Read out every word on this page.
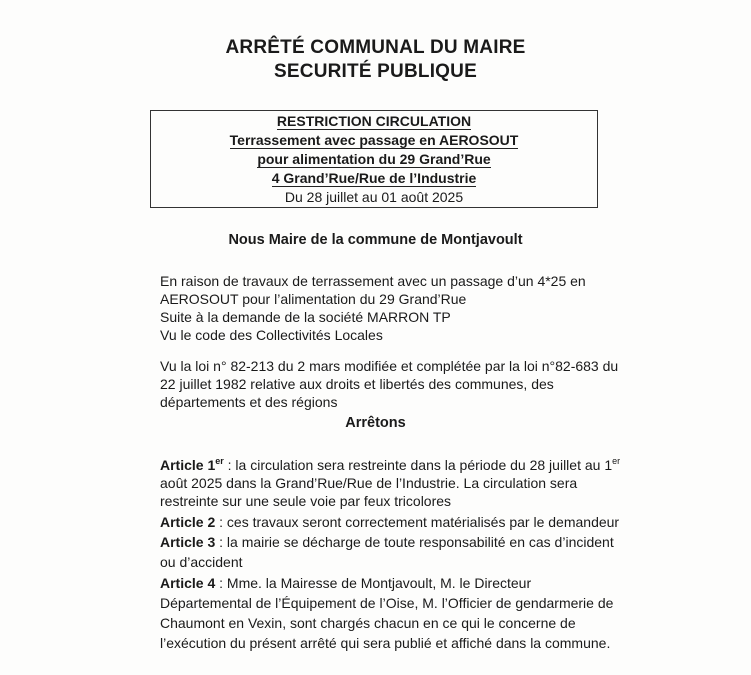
ARRÊTÉ COMMUNAL DU MAIRE
SECURITÉ PUBLIQUE
RESTRICTION CIRCULATION
Terrassement avec passage en AEROSOUT
pour alimentation du 29 Grand’Rue
4 Grand’Rue/Rue de l’Industrie
Du 28 juillet au 01 août 2025
Nous Maire de la commune de Montjavoult
En raison de travaux de terrassement avec un passage d’un 4*25 en
AEROSOUT pour l’alimentation du 29 Grand’Rue
Suite à la demande de la société MARRON TP
Vu le code des Collectivités Locales
Vu la loi n° 82-213 du 2 mars modifiée et complétée par la loi n°82-683 du
22 juillet 1982 relative aux droits et libertés des communes, des
départements et des régions
Arrêtons
Article 1er : la circulation sera restreinte dans la période du 28 juillet au 1er
août 2025 dans la Grand’Rue/Rue de l’Industrie. La circulation sera
restreinte sur une seule voie par feux tricolores
Article 2 : ces travaux seront correctement matérialisés par le demandeur
Article 3 : la mairie se décharge de toute responsabilité en cas d’incident
ou d’accident
Article 4 : Mme. la Mairesse de Montjavoult, M. le Directeur
Départemental de l’Équipement de l’Oise, M. l’Officier de gendarmerie de
Chaumont en Vexin, sont chargés chacun en ce qui le concerne de
l’exécution du présent arrêté qui sera publié et affiché dans la commune.
